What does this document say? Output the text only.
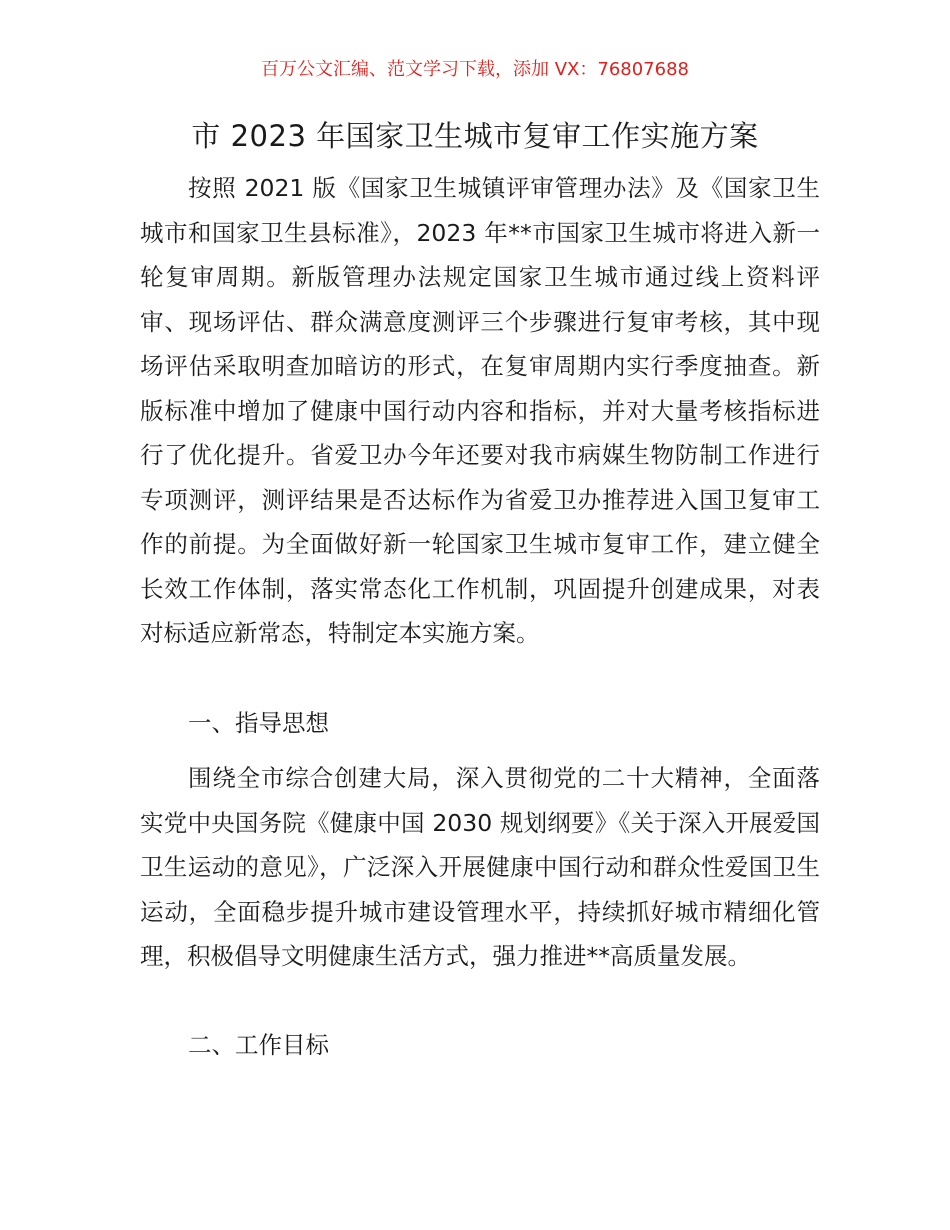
百万公文汇编、范文学习下载，添加 VX：76807688
市 2023 年国家卫生城市复审工作实施方案

按照 2021 版《国家卫生城镇评审管理办法》及《国家卫生城市和国家卫生县标准》，2023 年**市国家卫生城市将进入新一轮复审周期。新版管理办法规定国家卫生城市通过线上资料评审、现场评估、群众满意度测评三个步骤进行复审考核，其中现场评估采取明查加暗访的形式，在复审周期内实行季度抽查。新版标准中增加了健康中国行动内容和指标，并对大量考核指标进行了优化提升。省爱卫办今年还要对我市病媒生物防制工作进行专项测评，测评结果是否达标作为省爱卫办推荐进入国卫复审工作的前提。为全面做好新一轮国家卫生城市复审工作，建立健全长效工作体制，落实常态化工作机制，巩固提升创建成果，对表对标适应新常态，特制定本实施方案。

一、指导思想

围绕全市综合创建大局，深入贯彻党的二十大精神，全面落实党中央国务院《健康中国 2030 规划纲要》《关于深入开展爱国卫生运动的意见》，广泛深入开展健康中国行动和群众性爱国卫生运动，全面稳步提升城市建设管理水平，持续抓好城市精细化管理，积极倡导文明健康生活方式，强力推进**高质量发展。

二、工作目标
